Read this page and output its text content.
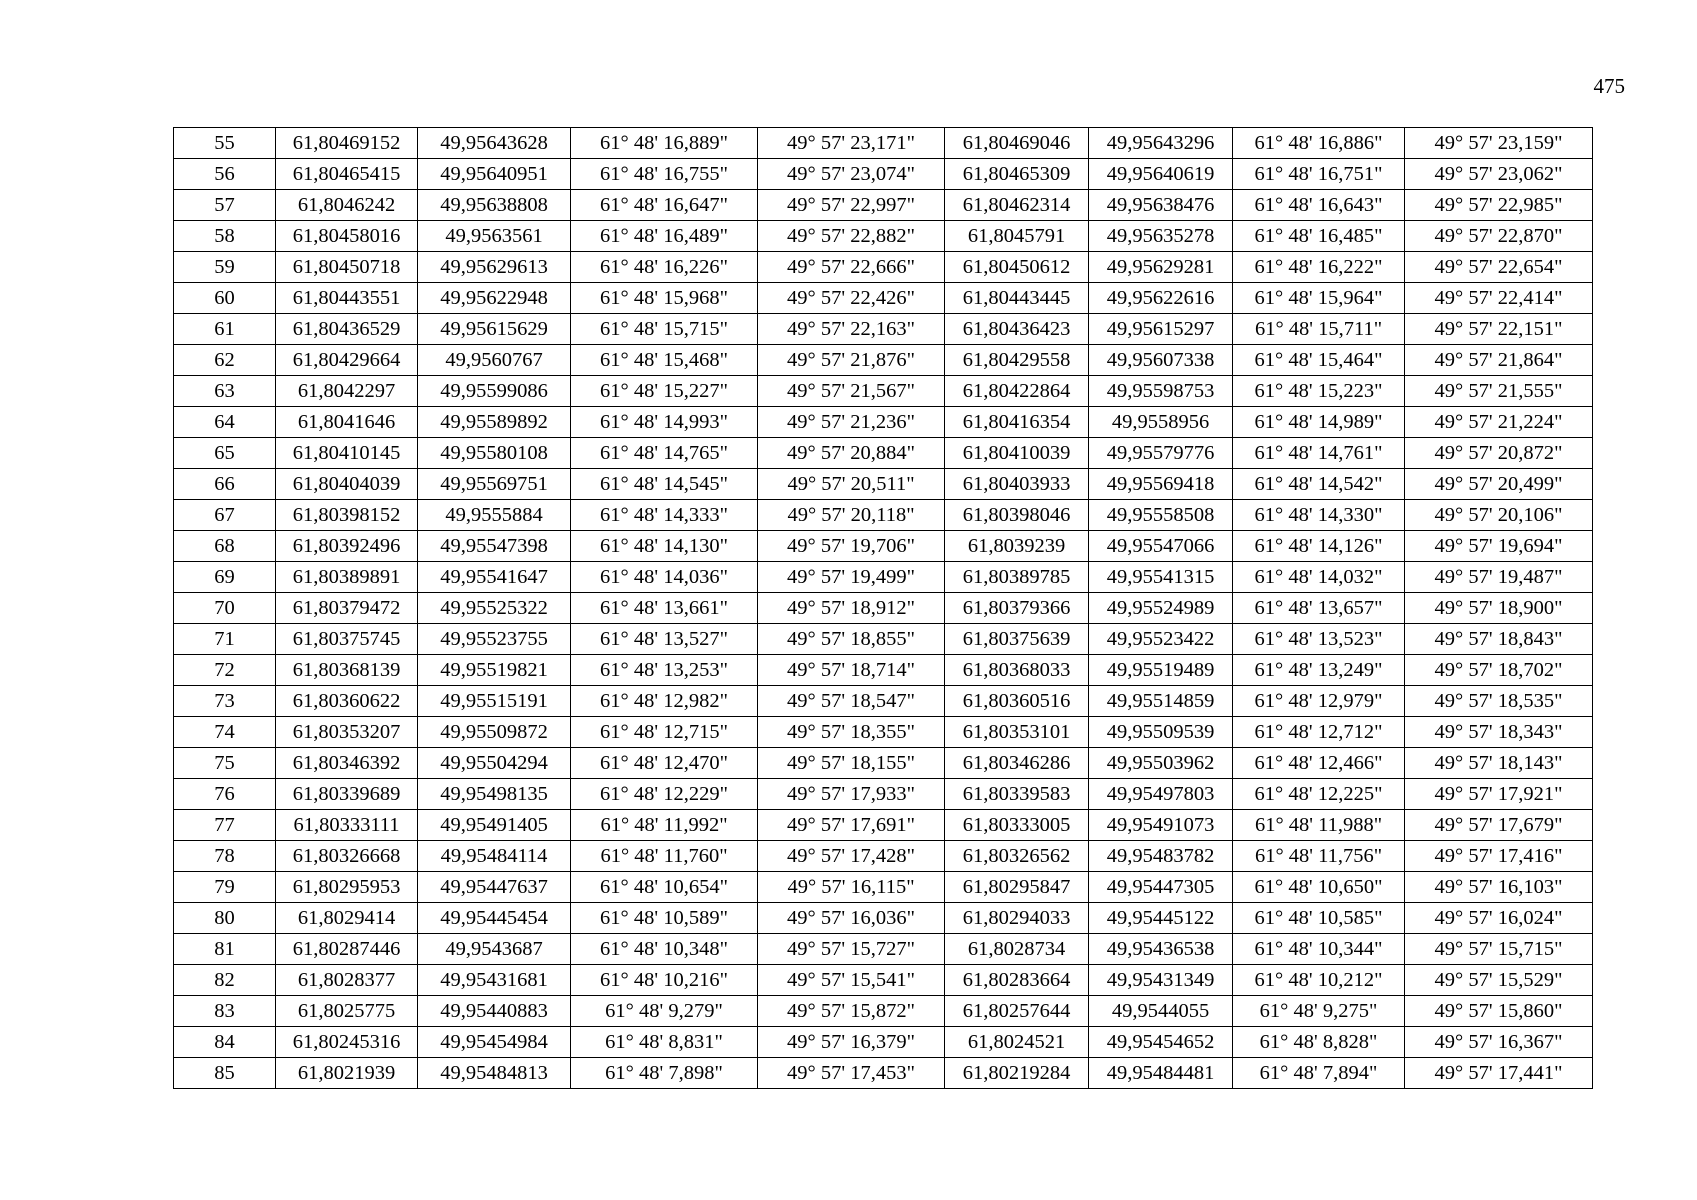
475
55	61,80469152	49,95643628	61° 48' 16,889"	49° 57' 23,171"	61,80469046	49,95643296	61° 48' 16,886"	49° 57' 23,159"
56	61,80465415	49,95640951	61° 48' 16,755"	49° 57' 23,074"	61,80465309	49,95640619	61° 48' 16,751"	49° 57' 23,062"
57	61,8046242	49,95638808	61° 48' 16,647"	49° 57' 22,997"	61,80462314	49,95638476	61° 48' 16,643"	49° 57' 22,985"
58	61,80458016	49,9563561	61° 48' 16,489"	49° 57' 22,882"	61,8045791	49,95635278	61° 48' 16,485"	49° 57' 22,870"
59	61,80450718	49,95629613	61° 48' 16,226"	49° 57' 22,666"	61,80450612	49,95629281	61° 48' 16,222"	49° 57' 22,654"
60	61,80443551	49,95622948	61° 48' 15,968"	49° 57' 22,426"	61,80443445	49,95622616	61° 48' 15,964"	49° 57' 22,414"
61	61,80436529	49,95615629	61° 48' 15,715"	49° 57' 22,163"	61,80436423	49,95615297	61° 48' 15,711"	49° 57' 22,151"
62	61,80429664	49,9560767	61° 48' 15,468"	49° 57' 21,876"	61,80429558	49,95607338	61° 48' 15,464"	49° 57' 21,864"
63	61,8042297	49,95599086	61° 48' 15,227"	49° 57' 21,567"	61,80422864	49,95598753	61° 48' 15,223"	49° 57' 21,555"
64	61,8041646	49,95589892	61° 48' 14,993"	49° 57' 21,236"	61,80416354	49,9558956	61° 48' 14,989"	49° 57' 21,224"
65	61,80410145	49,95580108	61° 48' 14,765"	49° 57' 20,884"	61,80410039	49,95579776	61° 48' 14,761"	49° 57' 20,872"
66	61,80404039	49,95569751	61° 48' 14,545"	49° 57' 20,511"	61,80403933	49,95569418	61° 48' 14,542"	49° 57' 20,499"
67	61,80398152	49,9555884	61° 48' 14,333"	49° 57' 20,118"	61,80398046	49,95558508	61° 48' 14,330"	49° 57' 20,106"
68	61,80392496	49,95547398	61° 48' 14,130"	49° 57' 19,706"	61,8039239	49,95547066	61° 48' 14,126"	49° 57' 19,694"
69	61,80389891	49,95541647	61° 48' 14,036"	49° 57' 19,499"	61,80389785	49,95541315	61° 48' 14,032"	49° 57' 19,487"
70	61,80379472	49,95525322	61° 48' 13,661"	49° 57' 18,912"	61,80379366	49,95524989	61° 48' 13,657"	49° 57' 18,900"
71	61,80375745	49,95523755	61° 48' 13,527"	49° 57' 18,855"	61,80375639	49,95523422	61° 48' 13,523"	49° 57' 18,843"
72	61,80368139	49,95519821	61° 48' 13,253"	49° 57' 18,714"	61,80368033	49,95519489	61° 48' 13,249"	49° 57' 18,702"
73	61,80360622	49,95515191	61° 48' 12,982"	49° 57' 18,547"	61,80360516	49,95514859	61° 48' 12,979"	49° 57' 18,535"
74	61,80353207	49,95509872	61° 48' 12,715"	49° 57' 18,355"	61,80353101	49,95509539	61° 48' 12,712"	49° 57' 18,343"
75	61,80346392	49,95504294	61° 48' 12,470"	49° 57' 18,155"	61,80346286	49,95503962	61° 48' 12,466"	49° 57' 18,143"
76	61,80339689	49,95498135	61° 48' 12,229"	49° 57' 17,933"	61,80339583	49,95497803	61° 48' 12,225"	49° 57' 17,921"
77	61,80333111	49,95491405	61° 48' 11,992"	49° 57' 17,691"	61,80333005	49,95491073	61° 48' 11,988"	49° 57' 17,679"
78	61,80326668	49,95484114	61° 48' 11,760"	49° 57' 17,428"	61,80326562	49,95483782	61° 48' 11,756"	49° 57' 17,416"
79	61,80295953	49,95447637	61° 48' 10,654"	49° 57' 16,115"	61,80295847	49,95447305	61° 48' 10,650"	49° 57' 16,103"
80	61,8029414	49,95445454	61° 48' 10,589"	49° 57' 16,036"	61,80294033	49,95445122	61° 48' 10,585"	49° 57' 16,024"
81	61,80287446	49,9543687	61° 48' 10,348"	49° 57' 15,727"	61,8028734	49,95436538	61° 48' 10,344"	49° 57' 15,715"
82	61,8028377	49,95431681	61° 48' 10,216"	49° 57' 15,541"	61,80283664	49,95431349	61° 48' 10,212"	49° 57' 15,529"
83	61,8025775	49,95440883	61° 48' 9,279"	49° 57' 15,872"	61,80257644	49,9544055	61° 48' 9,275"	49° 57' 15,860"
84	61,80245316	49,95454984	61° 48' 8,831"	49° 57' 16,379"	61,8024521	49,95454652	61° 48' 8,828"	49° 57' 16,367"
85	61,8021939	49,95484813	61° 48' 7,898"	49° 57' 17,453"	61,80219284	49,95484481	61° 48' 7,894"	49° 57' 17,441"
